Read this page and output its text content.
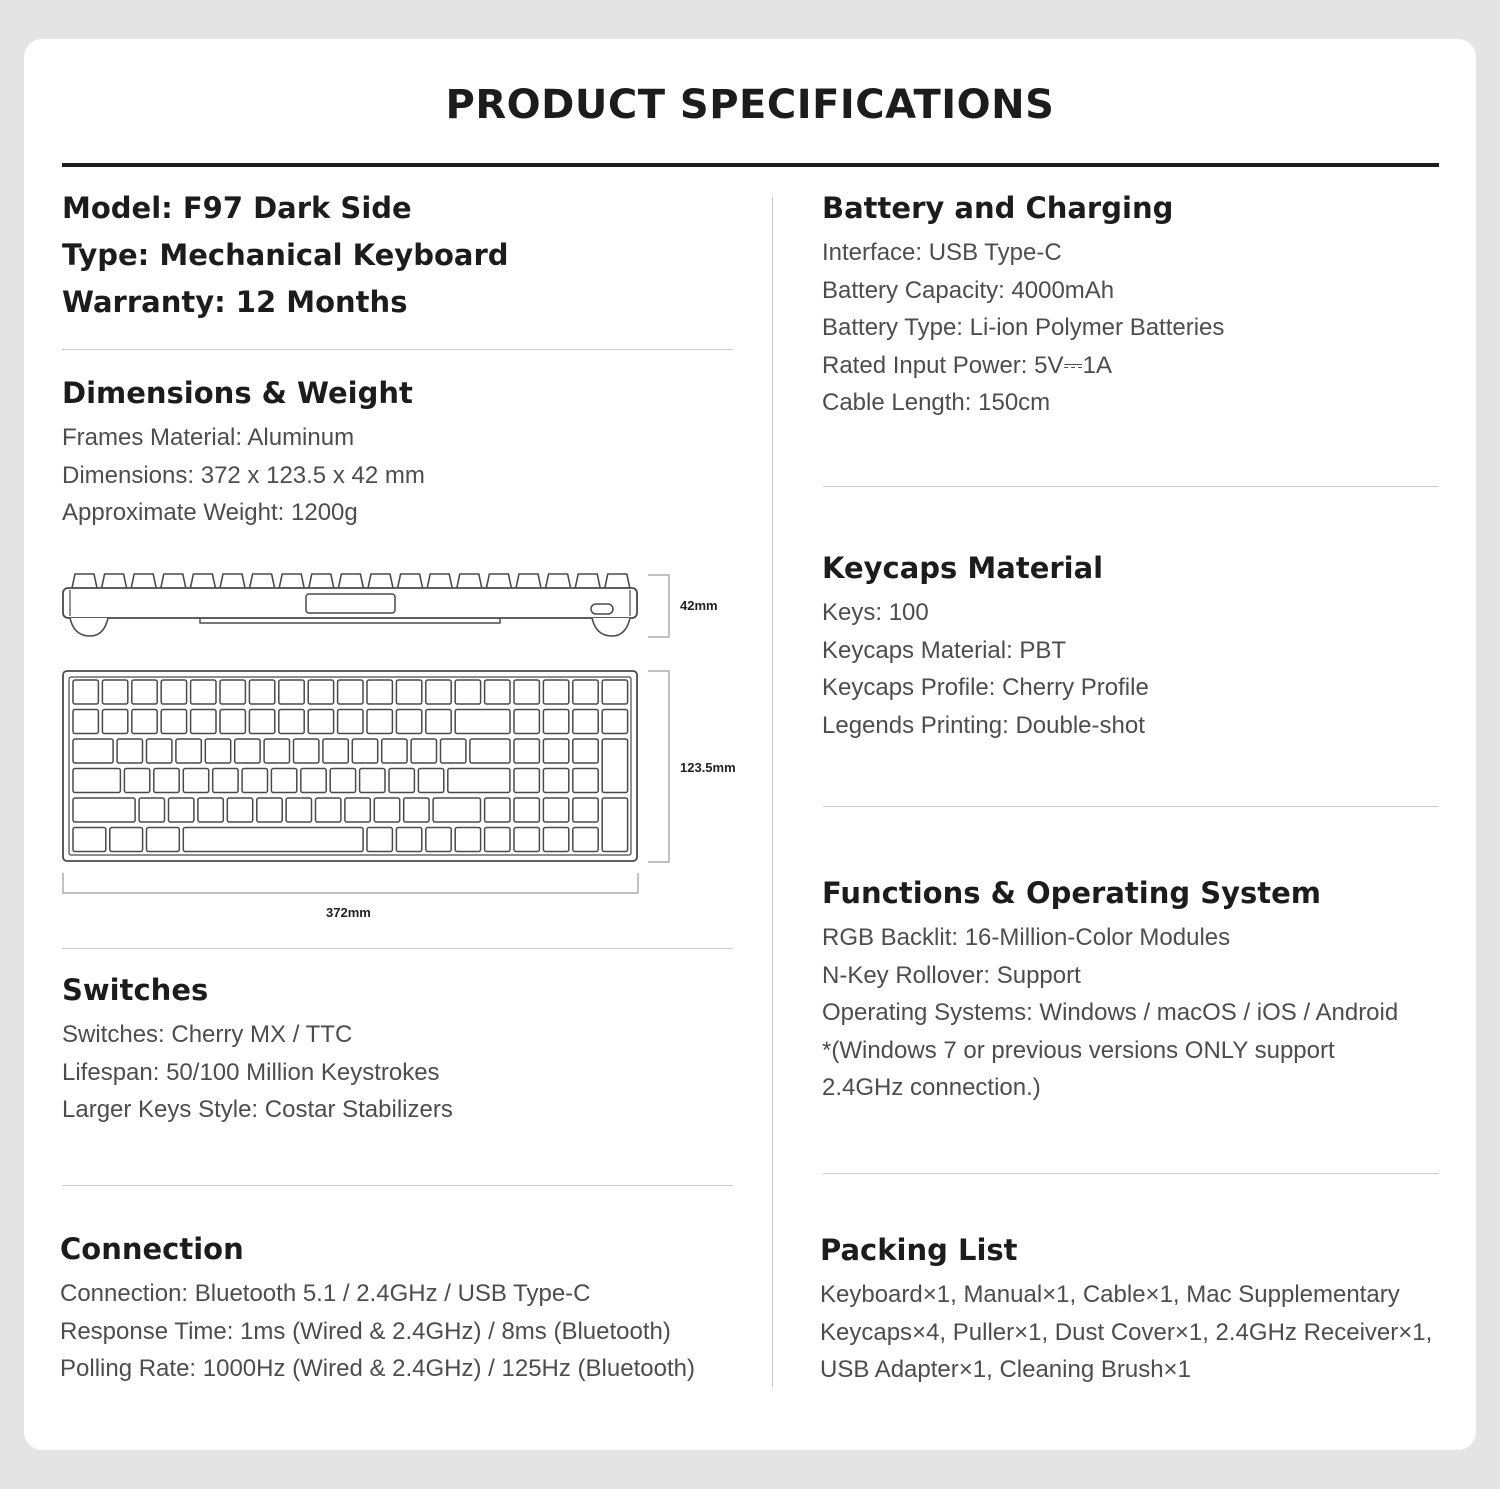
PRODUCT SPECIFICATIONS
Model: F97 Dark Side
Type: Mechanical Keyboard
Warranty: 12 Months
Dimensions & Weight
Frames Material: Aluminum
Dimensions: 372 x 123.5 x 42 mm
Approximate Weight: 1200g
42mm
123.5mm
372mm
Switches
Switches: Cherry MX / TTC
Lifespan: 50/100 Million Keystrokes
Larger Keys Style: Costar Stabilizers
Connection
Connection: Bluetooth 5.1 / 2.4GHz / USB Type-C
Response Time: 1ms (Wired & 2.4GHz) / 8ms (Bluetooth)
Polling Rate: 1000Hz (Wired & 2.4GHz) / 125Hz (Bluetooth)
Battery and Charging
Interface: USB Type-C
Battery Capacity: 4000mAh
Battery Type: Li-ion Polymer Batteries
Rated Input Power: 5V⎓1A
Cable Length: 150cm
Keycaps Material
Keys: 100
Keycaps Material: PBT
Keycaps Profile: Cherry Profile
Legends Printing: Double-shot
Functions & Operating System
RGB Backlit: 16-Million-Color Modules
N-Key Rollover: Support
Operating Systems: Windows / macOS / iOS / Android
*(Windows 7 or previous versions ONLY support
2.4GHz connection.)
Packing List
Keyboard×1, Manual×1, Cable×1, Mac Supplementary
Keycaps×4, Puller×1, Dust Cover×1, 2.4GHz Receiver×1,
USB Adapter×1, Cleaning Brush×1
